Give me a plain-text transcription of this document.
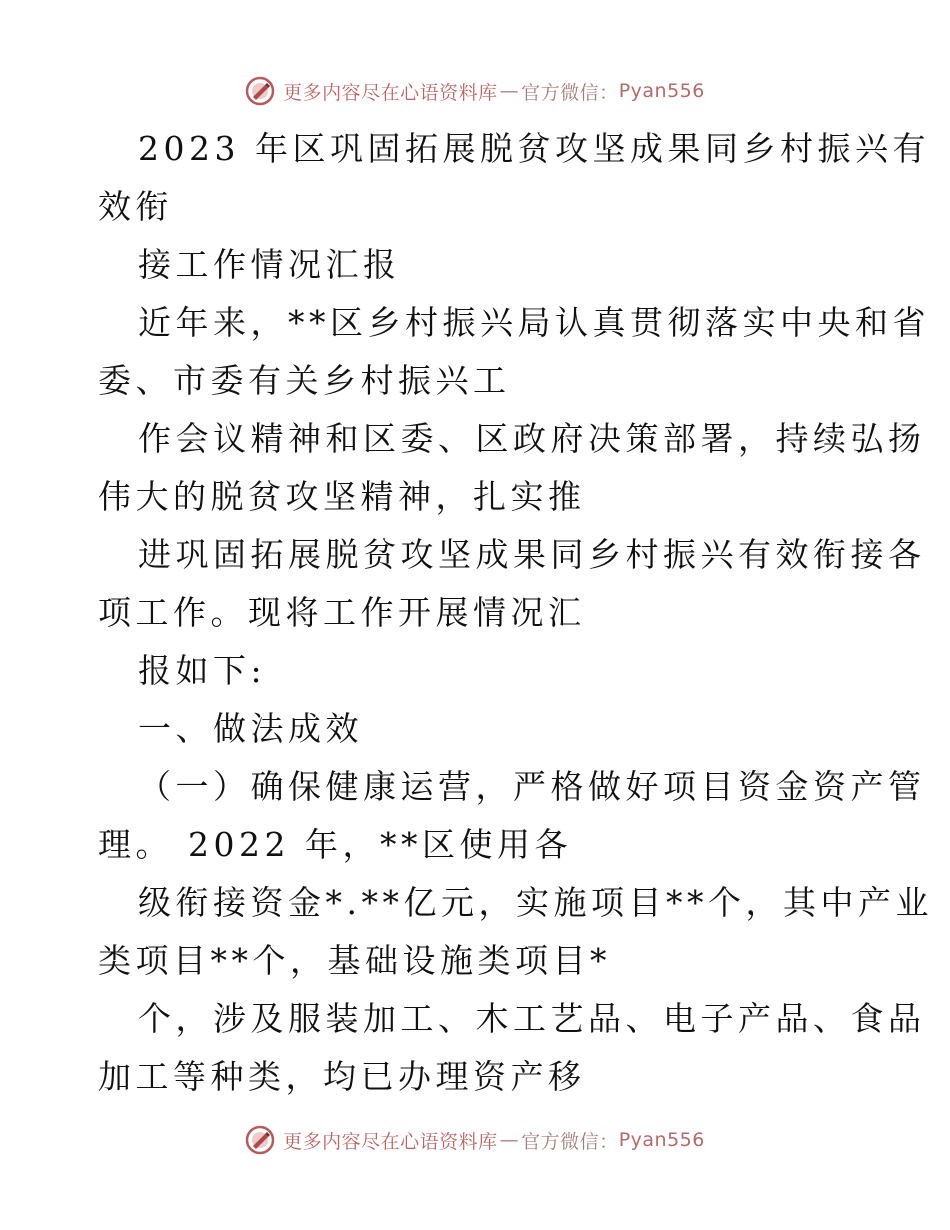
更多内容尽在心语资料库 — 官方微信： Pyan556
2023 年区巩固拓展脱贫攻坚成果同乡村振兴有
效衔
接工作情况汇报
近年来，**区乡村振兴局认真贯彻落实中央和省
委、市委有关乡村振兴工
作会议精神和区委、区政府决策部署，持续弘扬
伟大的脱贫攻坚精神，扎实推
进巩固拓展脱贫攻坚成果同乡村振兴有效衔接各
项工作。现将工作开展情况汇
报如下:
一、做法成效
（一）确保健康运营，严格做好项目资金资产管
理。 2022 年，**区使用各
级衔接资金*.**亿元，实施项目**个，其中产业
类项目**个，基础设施类项目*
个，涉及服装加工、木工艺品、电子产品、食品
加工等种类，均已办理资产移
更多内容尽在心语资料库 — 官方微信： Pyan556
